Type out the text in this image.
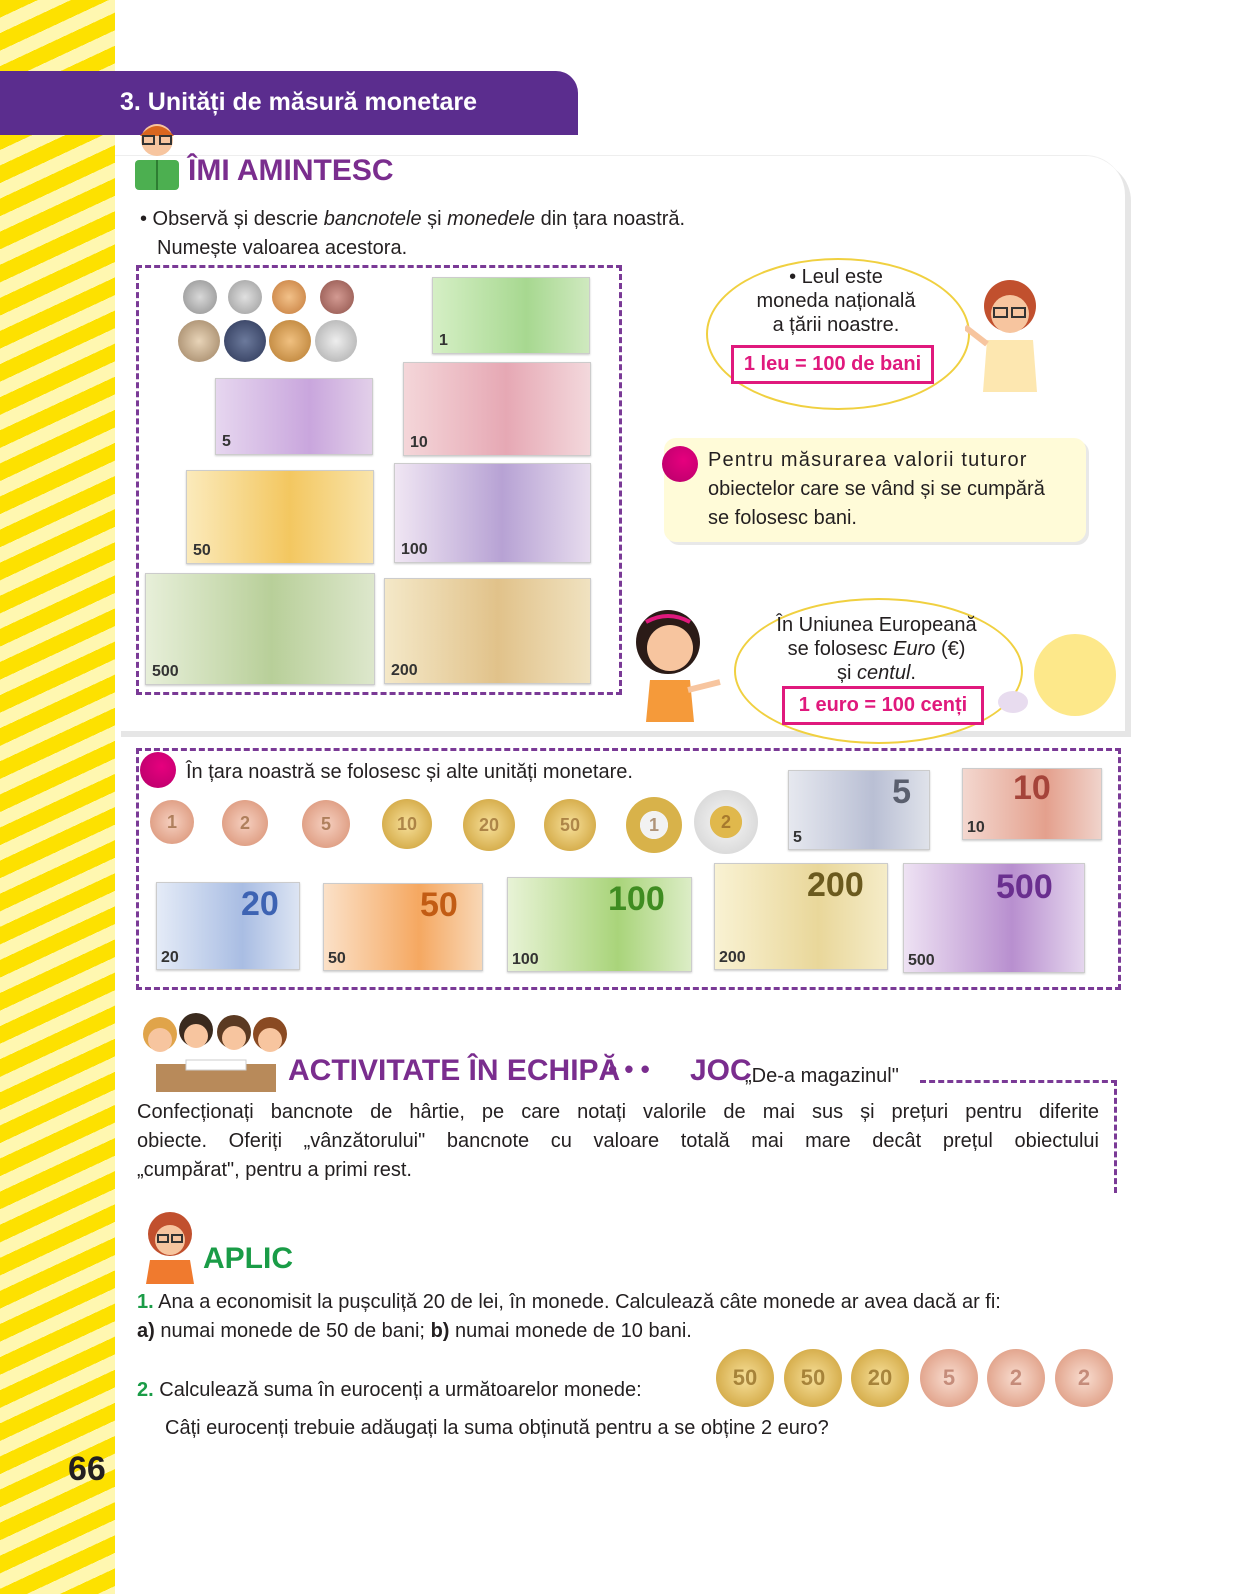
3. Unități de măsură monetare
ÎMI AMINTESC
• Observă și descrie bancnotele și monedele din țara noastră.
Numește valoarea acestora.
1
5	10
50	100
500	200
• Leul este
moneda națională
a țării noastre.
1 leu = 100 de bani
Pentru măsurarea valorii tuturor
obiectelor care se vând și se cumpără
se folosesc bani.
În Uniunea Europeană
se folosesc Euro (€)
și centul.
1 euro = 100 cenți
În țara noastră se folosesc și alte unități monetare.
1	2	5	10	20	50	1	2
5
5
10
10
20
20
50
50
100
100
200
200
500
500
ACTIVITATE ÎN ECHIPĂ
• • • JOC
„De-a magazinul"
Confecționați bancnote de hârtie, pe care notați valorile de mai sus și prețuri pentru diferite
obiecte. Oferiți „vânzătorului" bancnote cu valoare totală mai mare decât prețul obiectului
„cumpărat", pentru a primi rest.
APLIC
1. Ana a economisit la pușculiță 20 de lei, în monede. Calculează câte monede ar avea dacă ar fi:
a) numai monede de 50 de bani; b) numai monede de 10 bani.
2. Calculează suma în eurocenți a următoarelor monede:
Câți eurocenți trebuie adăugați la suma obținută pentru a se obține 2 euro?
50 50 20 5 2	2
66
